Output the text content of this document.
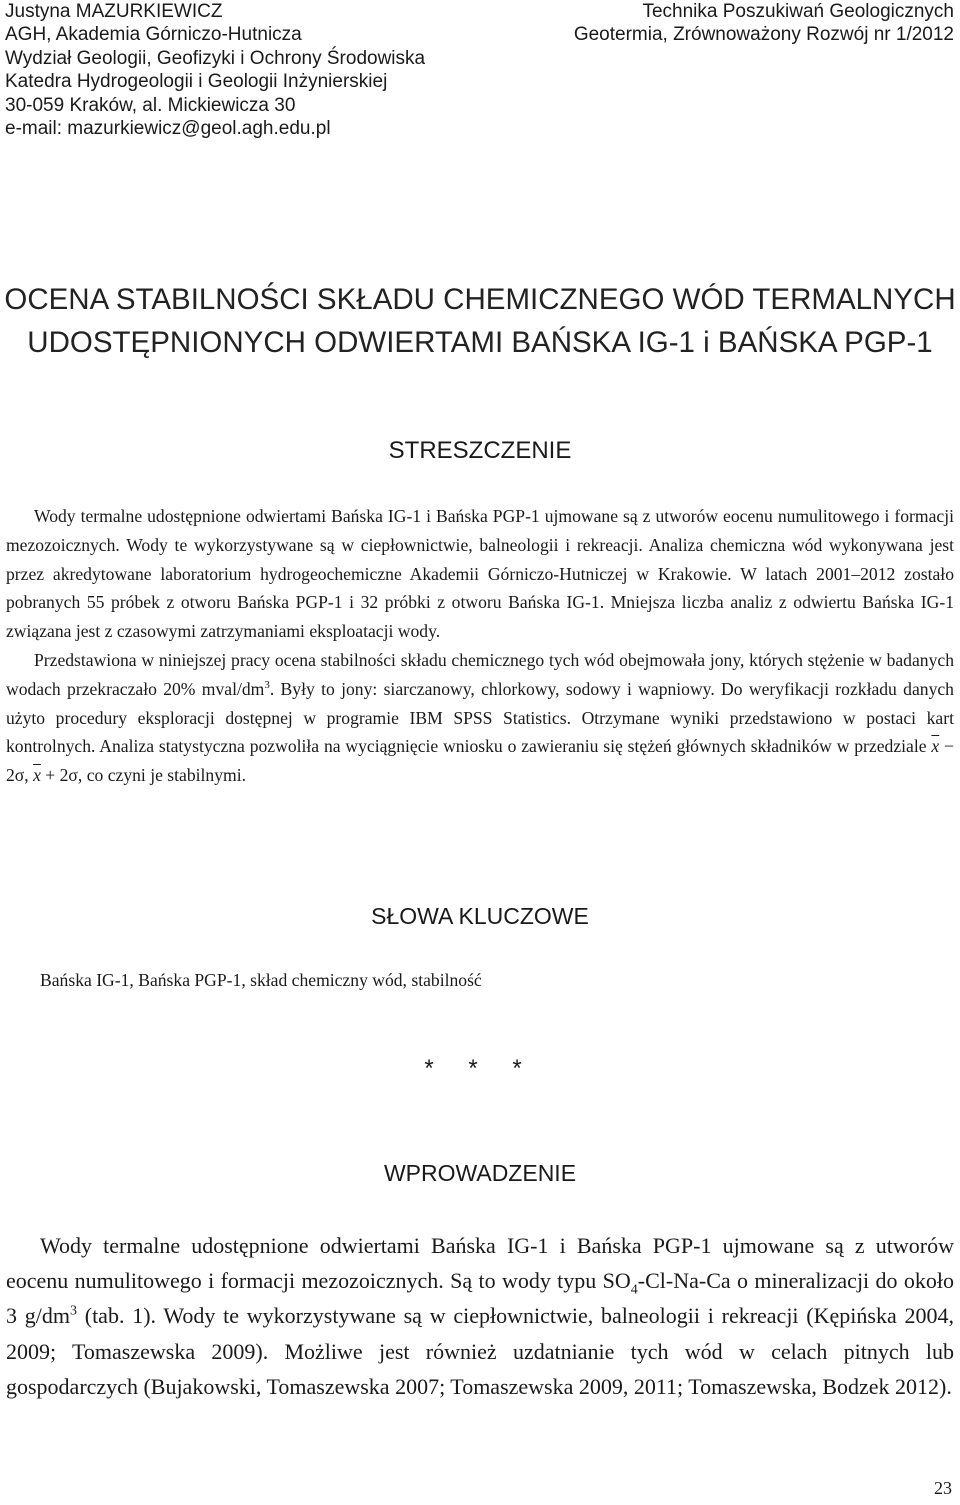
Justyna MAZURKIEWICZ
AGH, Akademia Górniczo-Hutnicza
Wydział Geologii, Geofizyki i Ochrony Środowiska
Katedra Hydrogeologii i Geologii Inżynierskiej
30-059 Kraków, al. Mickiewicza 30
e-mail: mazurkiewicz@geol.agh.edu.pl
Technika Poszukiwań Geologicznych
Geotermia, Zrównoważony Rozwój nr 1/2012
OCENA STABILNOŚCI SKŁADU CHEMICZNEGO WÓD TERMALNYCH
UDOSTĘPNIONYCH ODWIERTAMI BAŃSKA IG-1 i BAŃSKA PGP-1
STRESZCZENIE

Wody termalne udostępnione odwiertami Bańska IG-1 i Bańska PGP-1 ujmowane są z utworów eocenu numulitowego i formacji mezozoicznych. Wody te wykorzystywane są w ciepłownictwie, balneologii i rekreacji. Analiza chemiczna wód wykonywana jest przez akredytowane laboratorium hydrogeochemiczne Akademii Górniczo-Hutniczej w Krakowie. W latach 2001–2012 zostało pobranych 55 próbek z otworu Bańska PGP-1 i 32 próbki z otworu Bańska IG-1. Mniejsza liczba analiz z odwiertu Bańska IG-1 związana jest z czasowymi zatrzymaniami eksploatacji wody.

Przedstawiona w niniejszej pracy ocena stabilności składu chemicznego tych wód obejmowała jony, których stężenie w badanych wodach przekraczało 20% mval/$dm^3$. Były to jony: siarczanowy, chlorkowy, sodowy i wapniowy. Do weryfikacji rozkładu danych użyto procedury eksploracji dostępnej w programie IBM SPSS Statistics. Otrzymane wyniki przedstawiono w postaci kart kontrolnych. Analiza statystyczna pozwoliła na wyciągnięcie wniosku o zawieraniu się stężeń głównych składników w przedziale $\overline{x} - 2\sigma$, $\overline{x} + 2\sigma$, co czyni je stabilnymi.

SŁOWA KLUCZOWE
Bańska IG-1, Bańska PGP-1, skład chemiczny wód, stabilność
* * *
WPROWADZENIE

Wody termalne udostępnione odwiertami Bańska IG-1 i Bańska PGP-1 ujmowane są z utworów eocenu numulitowego i formacji mezozoicznych. Są to wody typu $SO_4-Cl-Na-Ca$ o mineralizacji do około 3 $g/dm^3$ (tab. 1). Wody te wykorzystywane są w ciepłownictwie, balneologii i rekreacji (Kępińska 2004, 2009; Tomaszewska 2009). Możliwe jest również uzdatnianie tych wód w celach pitnych lub gospodarczych (Bujakowski, Tomaszewska 2007; Tomaszewska 2009, 2011; Tomaszewska, Bodzek 2012).

23
